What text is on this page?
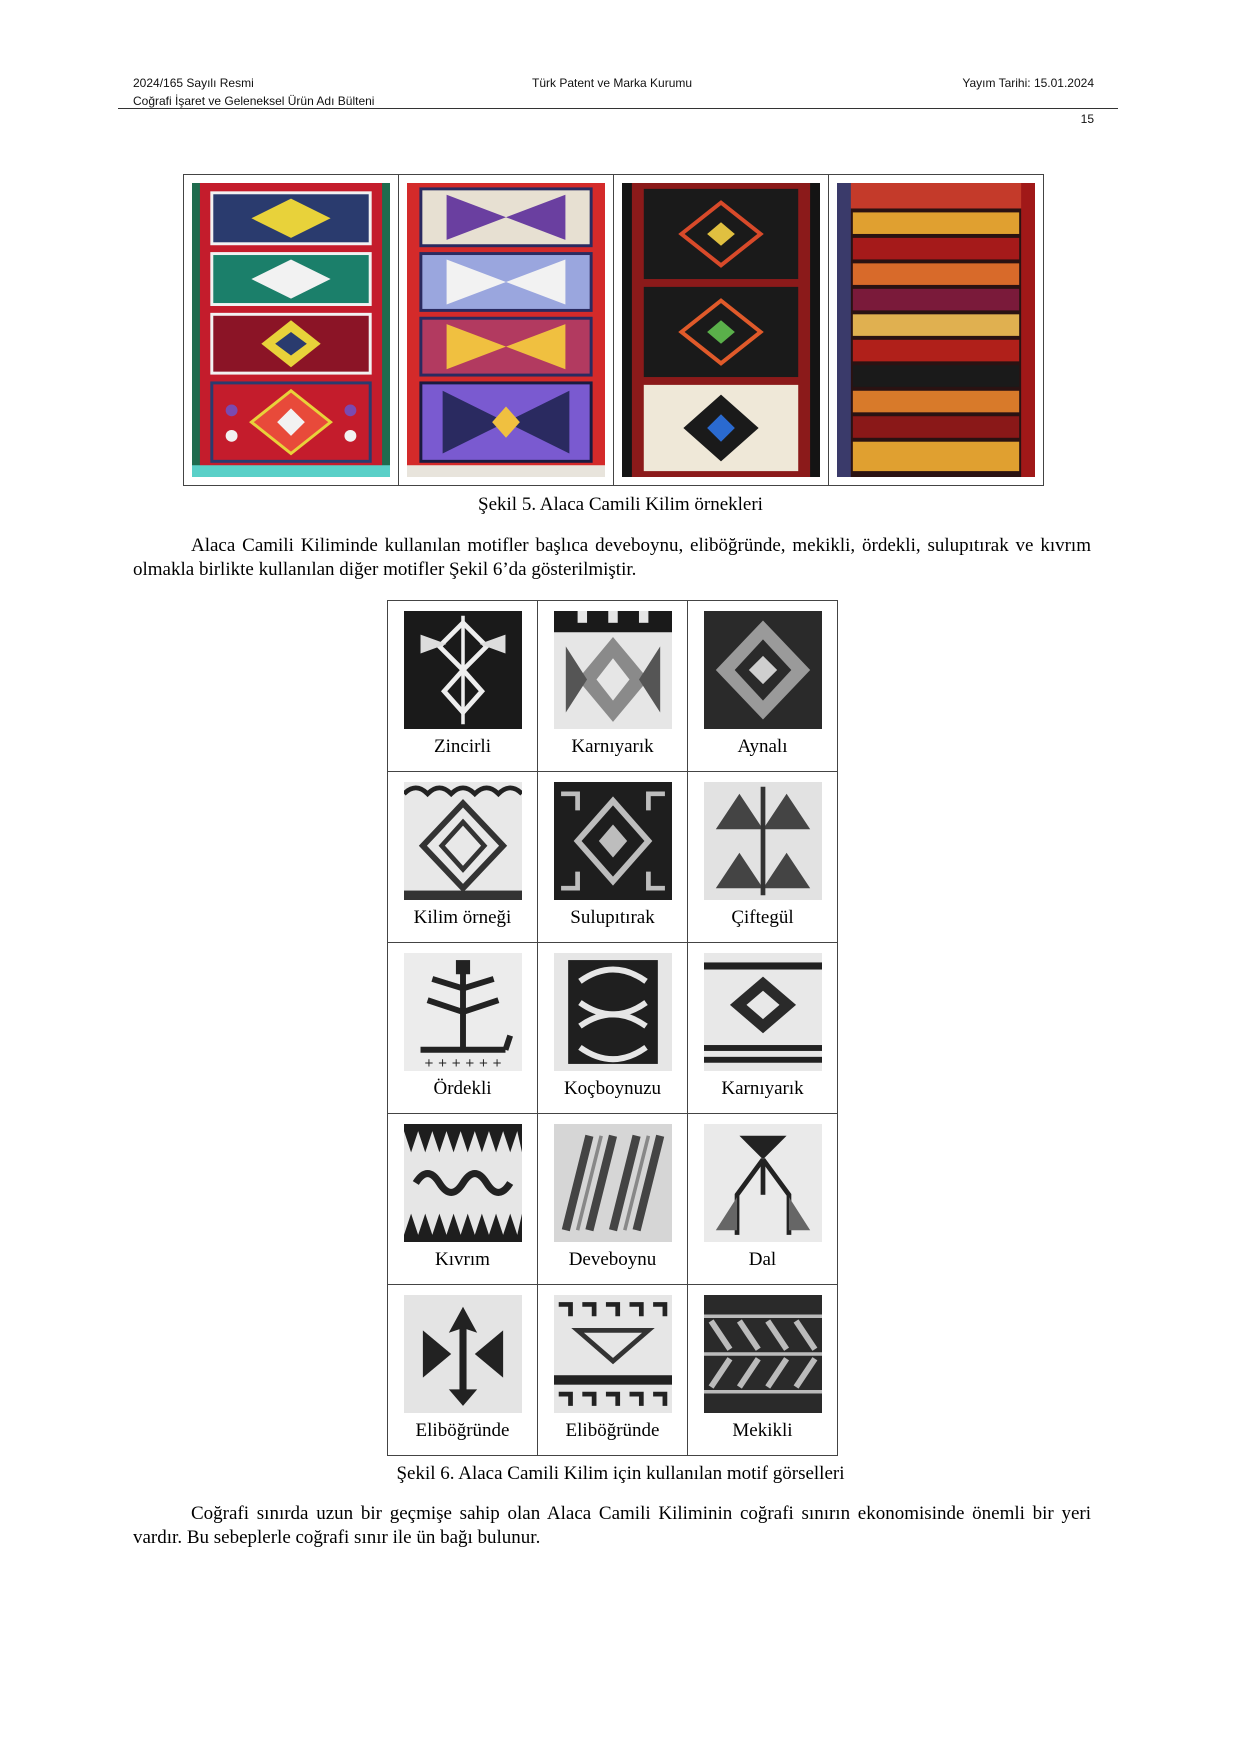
2024/165 Sayılı Resmi
Coğrafi İşaret ve Geleneksel Ürün Adı Bülteni
Türk Patent ve Marka Kurumu	Yayım Tarihi: 15.01.2024
15
Şekil 5. Alaca Camili Kilim örnekleri
Alaca Camili Kiliminde kullanılan motifler başlıca deveboynu, eliböğründe, mekikli, ördekli, sulupıtırak ve kıvrım olmakla birlikte kullanılan diğer motifler Şekil 6’da gösterilmiştir.
Zincirli	Karnıyarık	Aynalı

Kilim örneği	Sulupıtırak	Çiftegül

+ + + + + +
Ördekli	Koçboynuzu	Karnıyarık

Kıvrım	Deveboynu	Dal

Eliböğründe	Eliböğründe	Mekikli
Şekil 6. Alaca Camili Kilim için kullanılan motif görselleri
Coğrafi sınırda uzun bir geçmişe sahip olan Alaca Camili Kiliminin coğrafi sınırın ekonomisinde önemli bir yeri vardır. Bu sebeplerle coğrafi sınır ile ün bağı bulunur.
